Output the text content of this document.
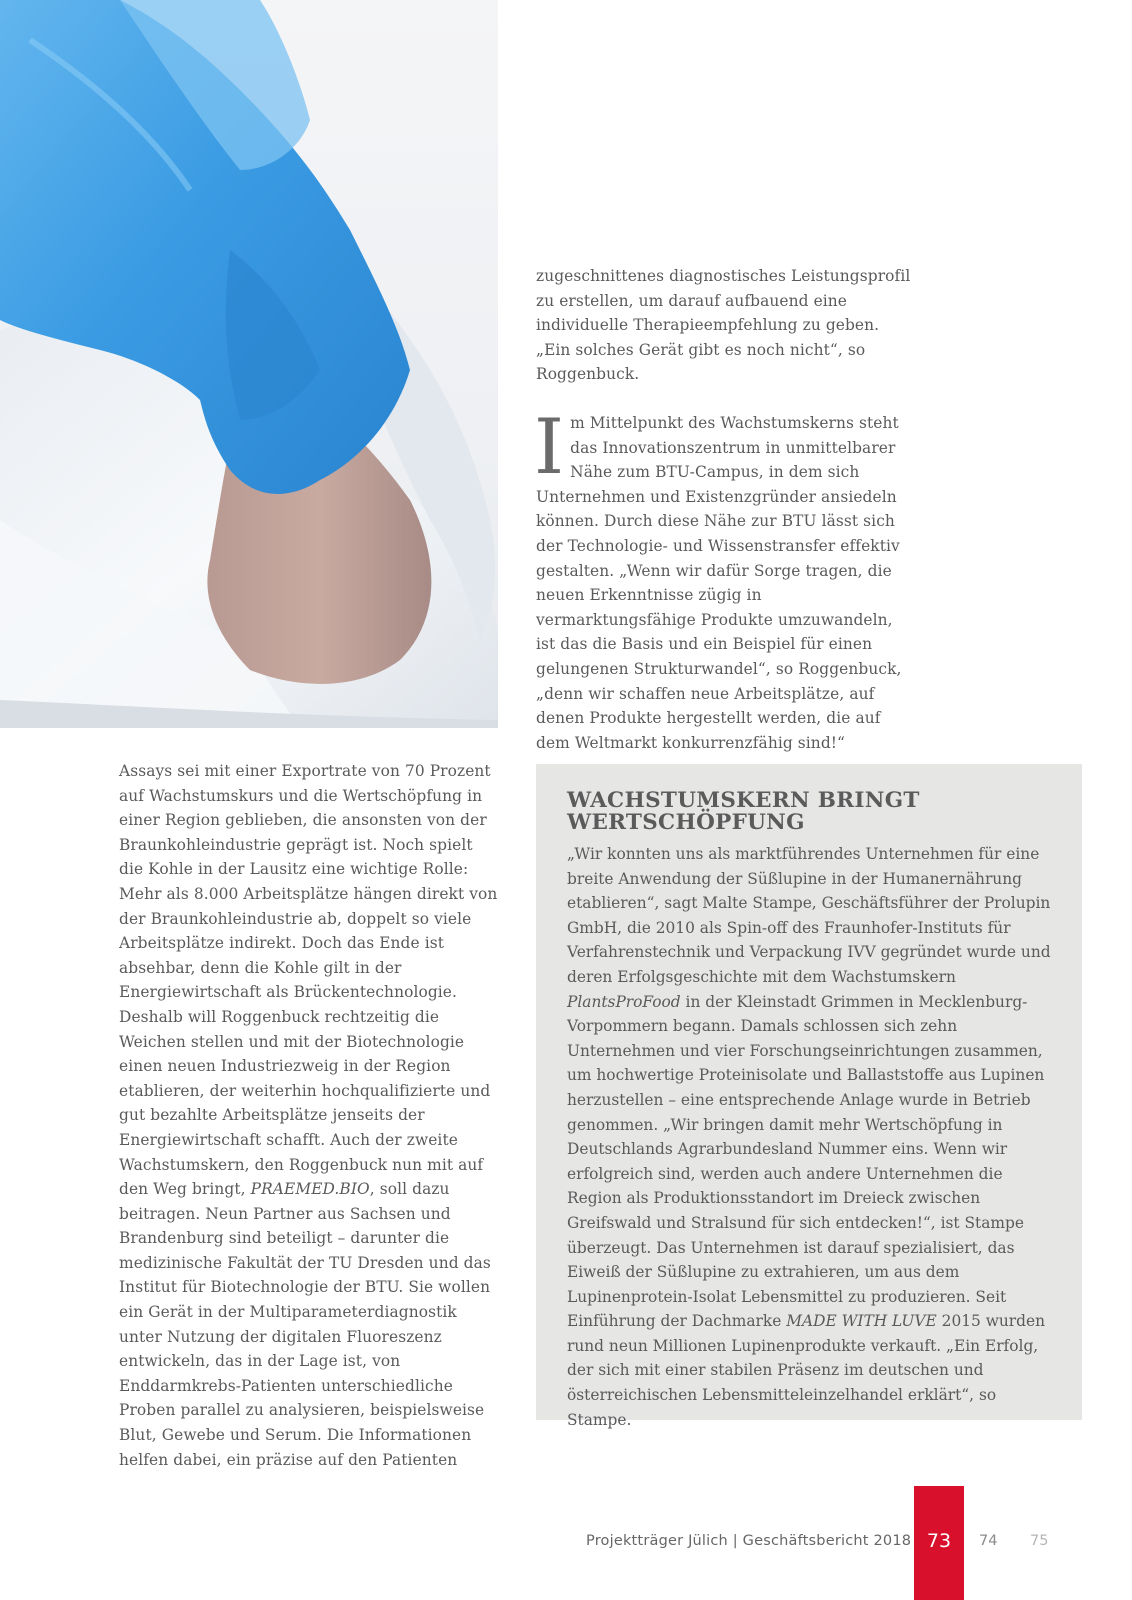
zugeschnittenes diagnostisches Leistungsprofil zu erstellen, um darauf aufbauend eine individuelle Therapieempfehlung zu geben. „Ein solches Gerät gibt es noch nicht“, so Roggenbuck.

Im Mittelpunkt des Wachstumskerns steht das Innovationszentrum in unmittelbarer Nähe zum BTU-Campus, in dem sich Unternehmen und Existenzgründer ansiedeln können. Durch diese Nähe zur BTU lässt sich der Technologie- und Wissenstransfer effektiv gestalten. „Wenn wir dafür Sorge tragen, die neuen Erkenntnisse zügig in vermarktungsfähige Produkte umzuwandeln, ist das die Basis und ein Beispiel für einen gelungenen Strukturwandel“, so Roggenbuck, „denn wir schaffen neue Arbeitsplätze, auf denen Produkte hergestellt werden, die auf dem Weltmarkt konkurrenzfähig sind!“

Assays sei mit einer Exportrate von 70 Prozent auf Wachstumskurs und die Wertschöpfung in einer Region geblieben, die ansonsten von der Braunkohleindustrie geprägt ist. Noch spielt die Kohle in der Lausitz eine wichtige Rolle: Mehr als 8.000 Arbeitsplätze hängen direkt von der Braunkohleindustrie ab, doppelt so viele Arbeitsplätze indirekt. Doch das Ende ist absehbar, denn die Kohle gilt in der Energiewirtschaft als Brückentechnologie. Deshalb will Roggenbuck rechtzeitig die Weichen stellen und mit der Biotechnologie einen neuen Industriezweig in der Region etablieren, der weiterhin hochqualifizierte und gut bezahlte Arbeitsplätze jenseits der Energiewirtschaft schafft. Auch der zweite Wachstumskern, den Roggenbuck nun mit auf den Weg bringt, PRAEMED.BIO, soll dazu beitragen. Neun Partner aus Sachsen und Brandenburg sind beteiligt – darunter die medizinische Fakultät der TU Dresden und das Institut für Biotechnologie der BTU. Sie wollen ein Gerät in der Multiparameterdiagnostik unter Nutzung der digitalen Fluoreszenz entwickeln, das in der Lage ist, von Enddarmkrebs-Patienten unterschiedliche Proben parallel zu analysieren, beispielsweise Blut, Gewebe und Serum. Die Informationen helfen dabei, ein präzise auf den Patienten

WACHSTUMSKERN BRINGT WERTSCHÖPFUNG

„Wir konnten uns als marktführendes Unternehmen für eine breite Anwendung der Süßlupine in der Humanernährung etablieren“, sagt Malte Stampe, Geschäftsführer der Prolupin GmbH, die 2010 als Spin-off des Fraunhofer-Instituts für Verfahrenstechnik und Verpackung IVV gegründet wurde und deren Erfolgsgeschichte mit dem Wachstumskern PlantsProFood in der Kleinstadt Grimmen in Mecklenburg-Vorpommern begann. Damals schlossen sich zehn Unternehmen und vier Forschungseinrichtungen zusammen, um hochwertige Proteinisolate und Ballaststoffe aus Lupinen herzustellen – eine entsprechende Anlage wurde in Betrieb genommen. „Wir bringen damit mehr Wertschöpfung in Deutschlands Agrarbundesland Nummer eins. Wenn wir erfolgreich sind, werden auch andere Unternehmen die Region als Produktionsstandort im Dreieck zwischen Greifswald und Stralsund für sich entdecken!“, ist Stampe überzeugt. Das Unternehmen ist darauf spezialisiert, das Eiweiß der Süßlupine zu extrahieren, um aus dem Lupinenprotein-Isolat Lebensmittel zu produzieren. Seit Einführung der Dachmarke MADE WITH LUVE 2015 wurden rund neun Millionen Lupinenprodukte verkauft. „Ein Erfolg, der sich mit einer stabilen Präsenz im deutschen und österreichischen Lebensmitteleinzelhandel erklärt“, so Stampe.

Projektträger Jülich | Geschäftsbericht 2018 73	74 75
